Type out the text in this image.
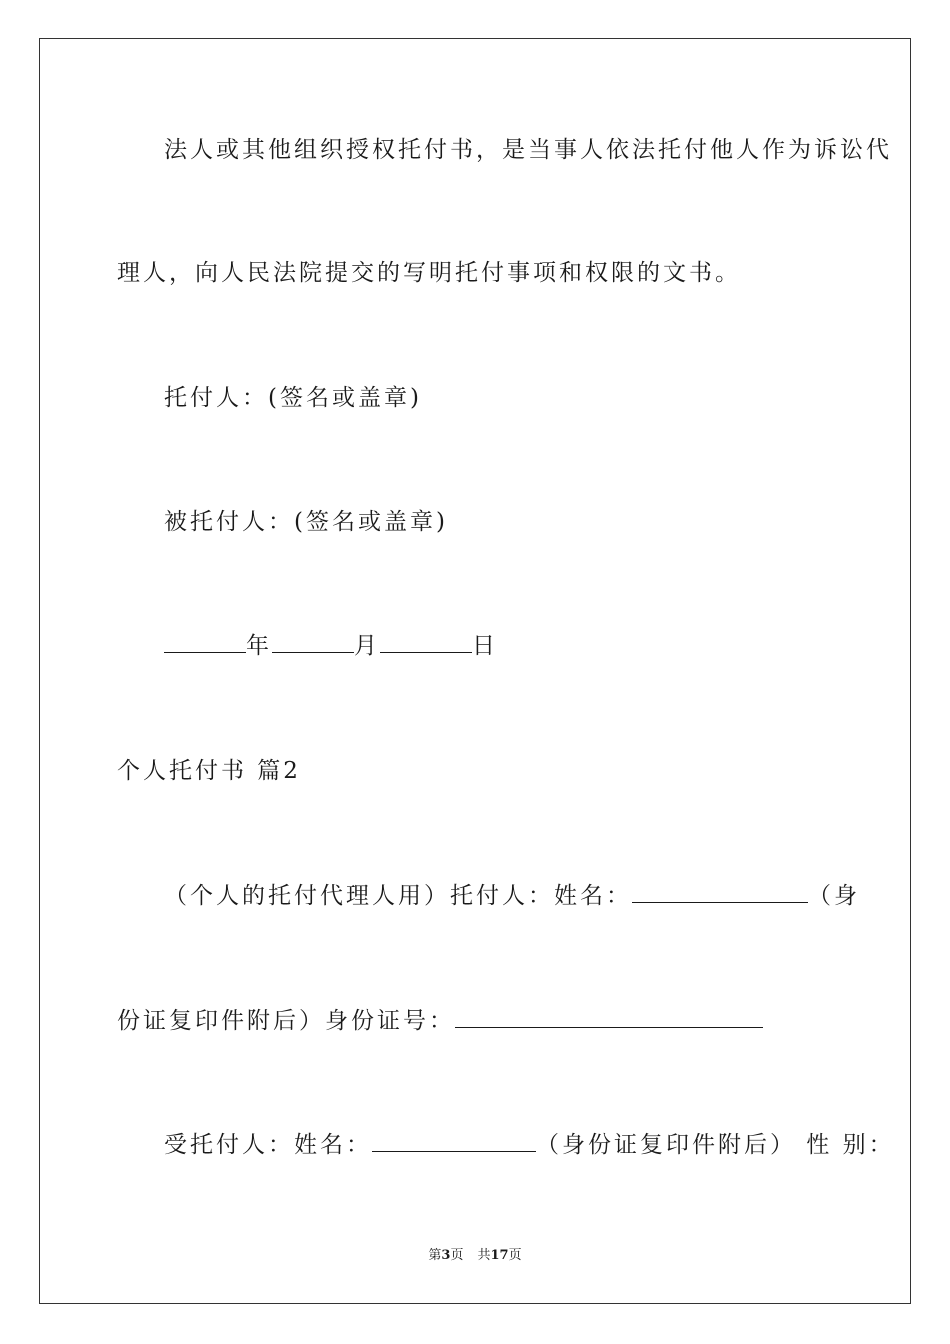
法人或其他组织授权托付书，是当事人依法托付他人作为诉讼代
理人，向人民法院提交的写明托付事项和权限的文书。
托付人：(签名或盖章)
被托付人：(签名或盖章)
年	月	日
个人托付书 篇2
（个人的托付代理人用）托付人：姓名：	（身
份证复印件附后）身份证号：
受托付人：姓名：	（身份证复印件附后） 性 别：
第3页 共17页
